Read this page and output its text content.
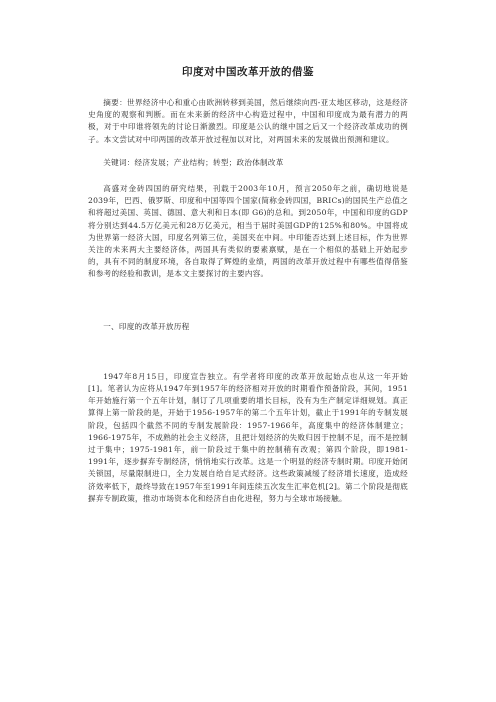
印度对中国改革开放的借鉴

摘要：世界经济中心和重心由欧洲转移到美国，然后继续向西-亚太地区移动，这是经济史角度的观察和判断。而在未来新的经济中心构造过程中，中国和印度成为最有潜力的两极，对于中印谁将领先的讨论日渐激烈。印度是公认的继中国之后又一个经济改革成功的例子。本文尝试对中印两国的改革开放过程加以对比，对两国未来的发展做出预测和建议。

关键词：经济发展；产业结构；转型；政治体制改革

高盛对金砖四国的研究结果，刊载于2003年10月，预言2050年之前，确切地说是2039年，巴西、俄罗斯、印度和中国等四个国家(简称金砖四国，BRICs)的国民生产总值之和将超过美国、英国、德国、意大利和日本(即 G6)的总和。到2050年，中国和印度的GDP将分别达到44.5万亿美元和28万亿美元，相当于届时美国GDP的125%和80%。中国将成为世界第一经济大国，印度名列第三位，美国夹在中间。中印能否达到上述目标，作为世界关注的未来两大主要经济体，两国具有类似的要素禀赋，是在一个相似的基础上开始起步的，具有不同的制度环境，各自取得了辉煌的业绩，两国的改革开放过程中有哪些值得借鉴和参考的经验和教训，是本文主要探讨的主要内容。

一、印度的改革开放历程

1947年8月15日，印度宣告独立。有学者将印度的改革开放起始点也从这一年开始[1]。笔者认为应将从1947年到1957年的经济相对开放的时期看作预备阶段，其间，1951年开始施行第一个五年计划，制订了几项重要的增长目标，没有为生产制定详细规划。真正算得上第一阶段的是，开始于1956-1957年的第二个五年计划，截止于1991年的专制发展阶段，包括四个截然不同的专制发展阶段：1957-1966年，高度集中的经济体制建立；1966-1975年，不成熟的社会主义经济，且把计划经济的失败归因于控制不足，而不是控制过于集中；1975-1981年，前一阶段过于集中的控制稍有改观；第四个阶段，即1981-1991年，逐步摒弃专制经济，悄悄地实行改革。这是一个明显的经济专制时期。印度开始闭关锁国，尽量限制进口，全力发展自给自足式经济。这些政策减缓了经济增长速度，造成经济效率低下，最终导致在1957年至1991年间连续五次发生汇率危机[2]。第二个阶段是彻底摒弃专制政策，推动市场资本化和经济自由化进程，努力与全球市场接触。
